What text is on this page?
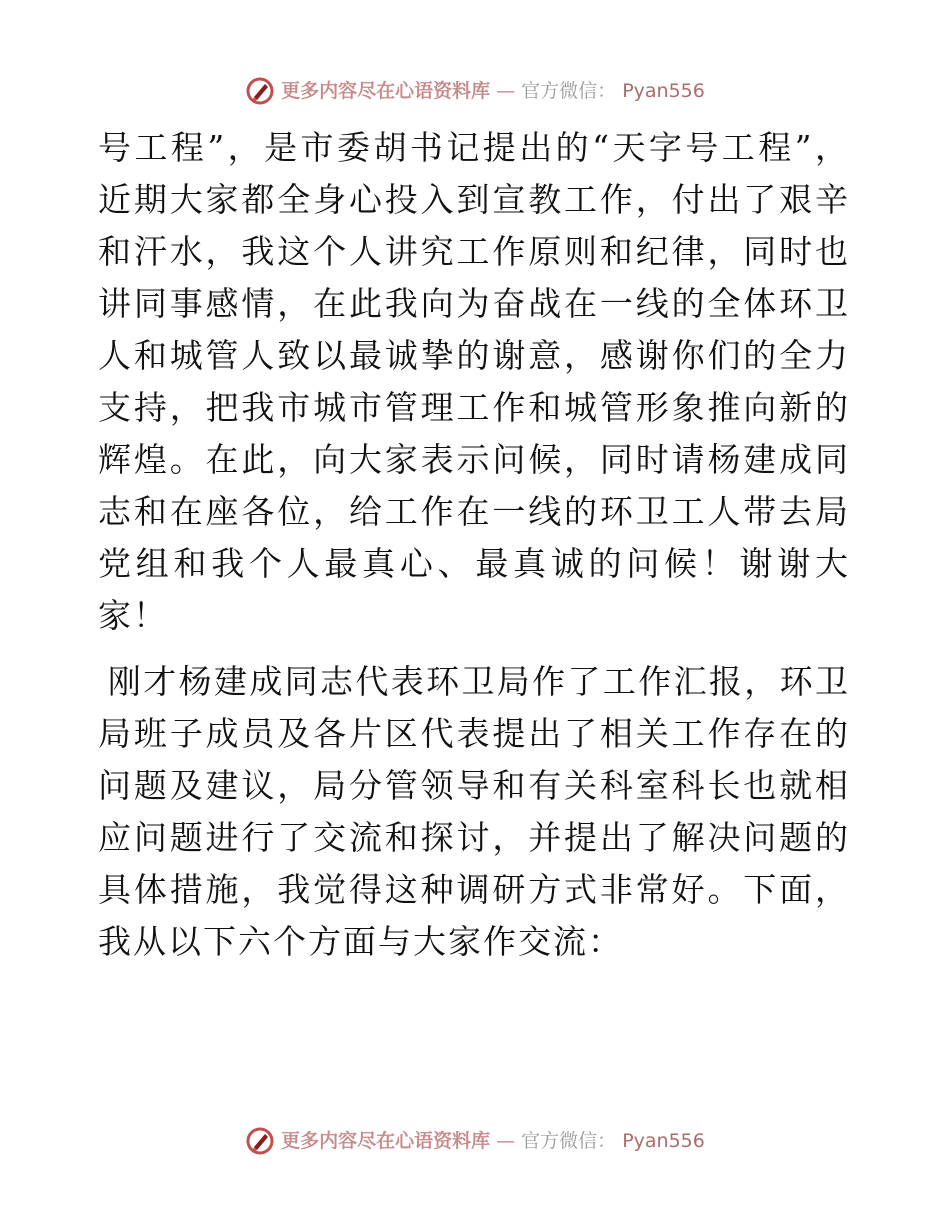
更多内容尽在心语资料库 — 官方微信： Pyan556

号工程”，是市委胡书记提出的“天字号工程”，近期大家都全身心投入到宣教工作，付出了艰辛和汗水，我这个人讲究工作原则和纪律，同时也讲同事感情，在此我向为奋战在一线的全体环卫人和城管人致以最诚挚的谢意，感谢你们的全力支持，把我市城市管理工作和城管形象推向新的辉煌。在此，向大家表示问候，同时请杨建成同志和在座各位，给工作在一线的环卫工人带去局党组和我个人最真心、最真诚的问候！谢谢大家！

刚才杨建成同志代表环卫局作了工作汇报，环卫局班子成员及各片区代表提出了相关工作存在的问题及建议，局分管领导和有关科室科长也就相应问题进行了交流和探讨，并提出了解决问题的具体措施，我觉得这种调研方式非常好。下面，我从以下六个方面与大家作交流：

更多内容尽在心语资料库 — 官方微信： Pyan556
